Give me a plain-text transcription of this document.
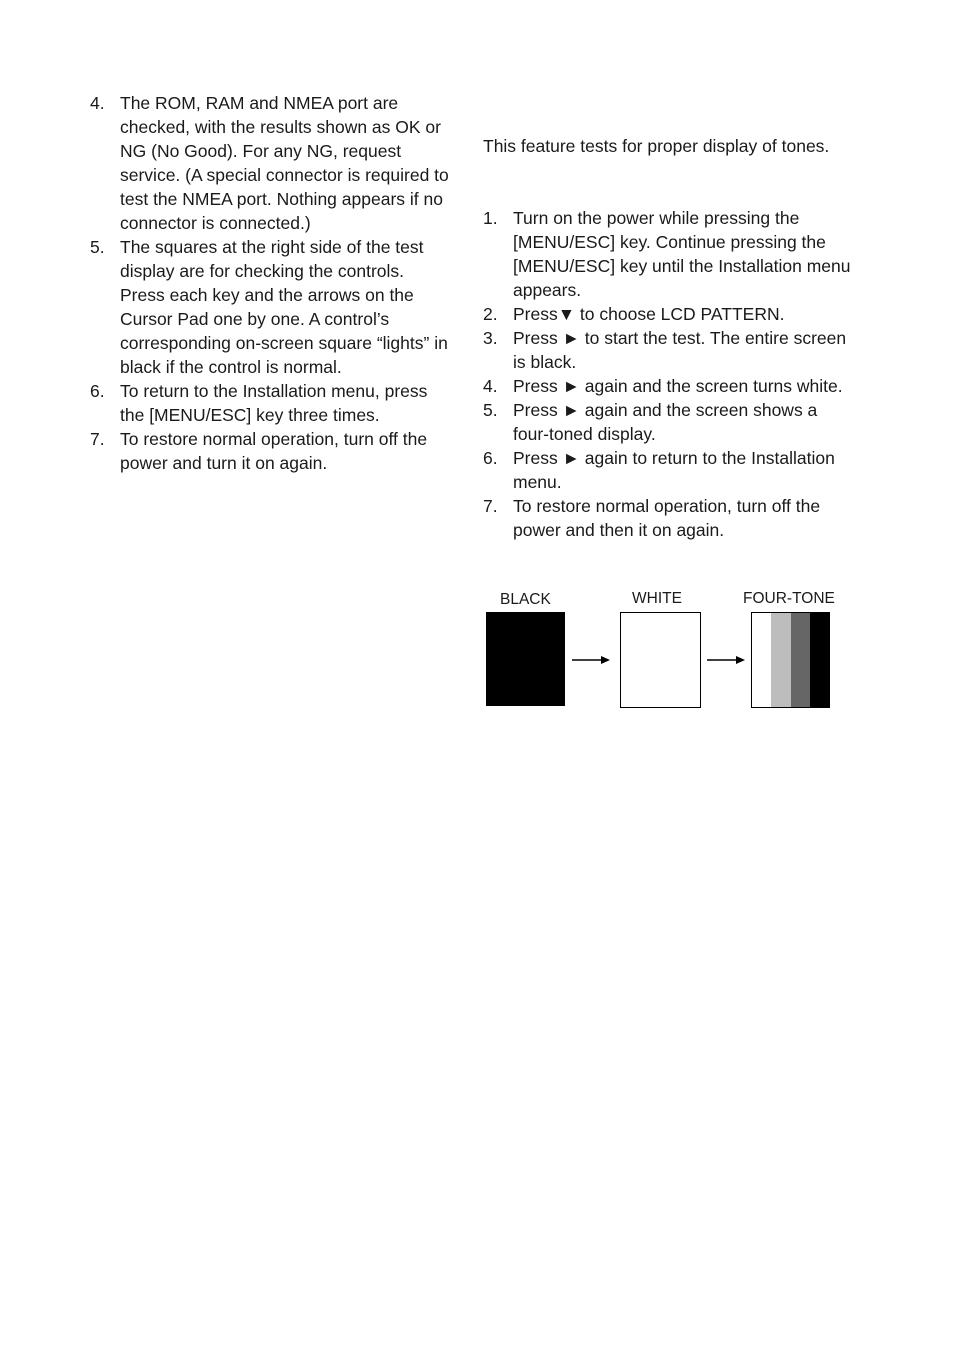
4. The ROM, RAM and NMEA port are checked, with the results shown as OK or NG (No Good). For any NG, request service. (A special connector is required to test the NMEA port. Nothing appears if no connector is connected.)
5. The squares at the right side of the test display are for checking the controls. Press each key and the arrows on the Cursor Pad one by one. A control’s corresponding on-screen square “lights” in black if the control is normal.
6. To return to the Installation menu, press the [MENU/ESC] key three times.
7. To restore normal operation, turn off the power and turn it on again.

This feature tests for proper display of tones.

1. Turn on the power while pressing the [MENU/ESC] key. Continue pressing the [MENU/ESC] key until the Installation menu appears.
2. Press▼ to choose LCD PATTERN.
3. Press ► to start the test. The entire screen is black.
4. Press ► again and the screen turns white.
5. Press ► again and the screen shows a four-toned display.
6. Press ► again to return to the Installation menu.
7. To restore normal operation, turn off the power and then it on again.
BLACK	WHITE	FOUR-TONE
